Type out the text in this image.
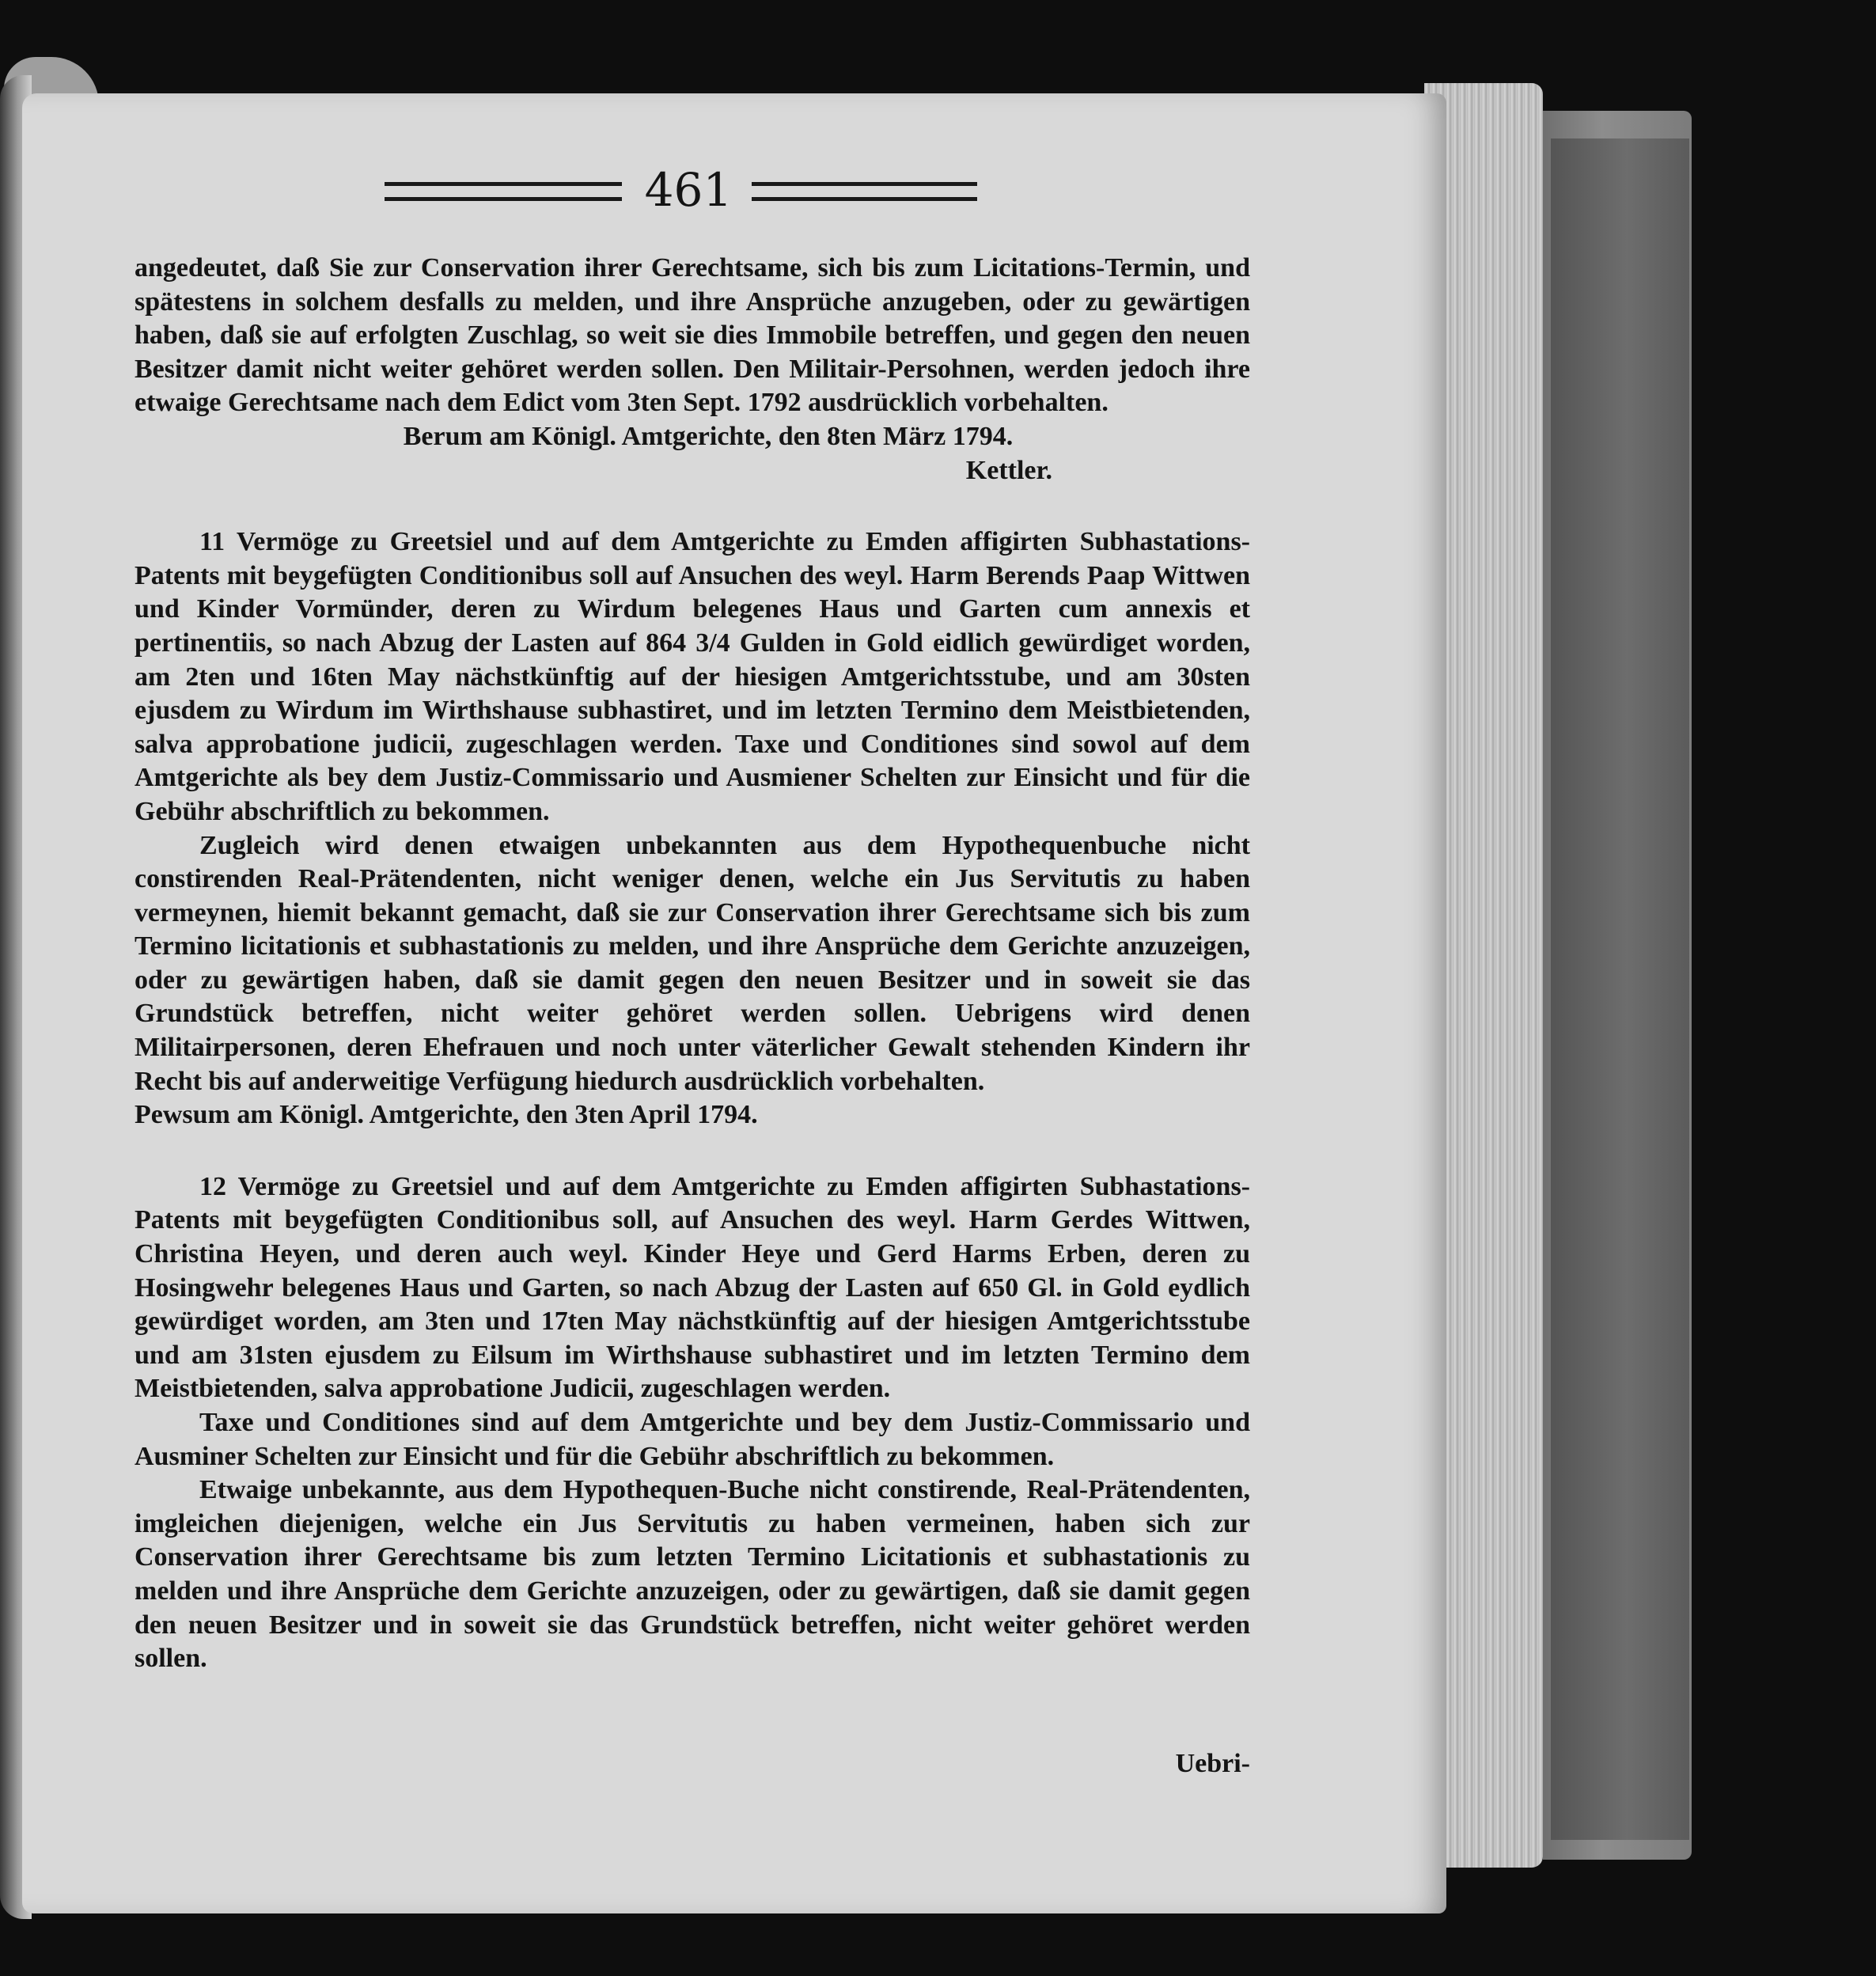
461

angedeutet, daß Sie zur Conservation ihrer Gerechtsame, sich bis zum Licitations-Termin, und spätestens in solchem desfalls zu melden, und ihre Ansprüche anzugeben, oder zu gewärtigen haben, daß sie auf erfolgten Zuschlag, so weit sie dies Immobile betreffen, und gegen den neuen Besitzer damit nicht weiter gehöret werden sollen. Den Militair-Persohnen, werden jedoch ihre etwaige Gerechtsame nach dem Edict vom 3ten Sept. 1792 ausdrücklich vorbehalten.

Berum am Königl. Amtgerichte, den 8ten März 1794.

Kettler.

11 Vermöge zu Greetsiel und auf dem Amtgerichte zu Emden affigirten Subhastations-Patents mit beygefügten Conditionibus soll auf Ansuchen des weyl. Harm Berends Paap Wittwen und Kinder Vormünder, deren zu Wirdum belegenes Haus und Garten cum annexis et pertinentiis, so nach Abzug der Lasten auf 864 3/4 Gulden in Gold eidlich gewürdiget worden, am 2ten und 16ten May nächstkünftig auf der hiesigen Amtgerichtsstube, und am 30sten ejusdem zu Wirdum im Wirthshause subhastiret, und im letzten Termino dem Meistbietenden, salva approbatione judicii, zugeschlagen werden. Taxe und Conditiones sind sowol auf dem Amtgerichte als bey dem Justiz-Commissario und Ausmiener Schelten zur Einsicht und für die Gebühr abschriftlich zu bekommen.

Zugleich wird denen etwaigen unbekannten aus dem Hypothequenbuche nicht constirenden Real-Prätendenten, nicht weniger denen, welche ein Jus Servitutis zu haben vermeynen, hiemit bekannt gemacht, daß sie zur Conservation ihrer Gerechtsame sich bis zum Termino licitationis et subhastationis zu melden, und ihre Ansprüche dem Gerichte anzuzeigen, oder zu gewärtigen haben, daß sie damit gegen den neuen Besitzer und in soweit sie das Grundstück betreffen, nicht weiter gehöret werden sollen. Uebrigens wird denen Militairpersonen, deren Ehefrauen und noch unter väterlicher Gewalt stehenden Kindern ihr Recht bis auf anderweitige Verfügung hiedurch ausdrücklich vorbehalten.

Pewsum am Königl. Amtgerichte, den 3ten April 1794.

12 Vermöge zu Greetsiel und auf dem Amtgerichte zu Emden affigirten Subhastations-Patents mit beygefügten Conditionibus soll, auf Ansuchen des weyl. Harm Gerdes Wittwen, Christina Heyen, und deren auch weyl. Kinder Heye und Gerd Harms Erben, deren zu Hosingwehr belegenes Haus und Garten, so nach Abzug der Lasten auf 650 Gl. in Gold eydlich gewürdiget worden, am 3ten und 17ten May nächstkünftig auf der hiesigen Amtgerichtsstube und am 31sten ejusdem zu Eilsum im Wirthshause subhastiret und im letzten Termino dem Meistbietenden, salva approbatione Judicii, zugeschlagen werden.

Taxe und Conditiones sind auf dem Amtgerichte und bey dem Justiz-Commissario und Ausminer Schelten zur Einsicht und für die Gebühr abschriftlich zu bekommen.

Etwaige unbekannte, aus dem Hypothequen-Buche nicht constirende, Real-Prätendenten, imgleichen diejenigen, welche ein Jus Servitutis zu haben vermeinen, haben sich zur Conservation ihrer Gerechtsame bis zum letzten Termino Licitationis et subhastationis zu melden und ihre Ansprüche dem Gerichte anzuzeigen, oder zu gewärtigen, daß sie damit gegen den neuen Besitzer und in soweit sie das Grundstück betreffen, nicht weiter gehöret werden sollen.

Uebri-
